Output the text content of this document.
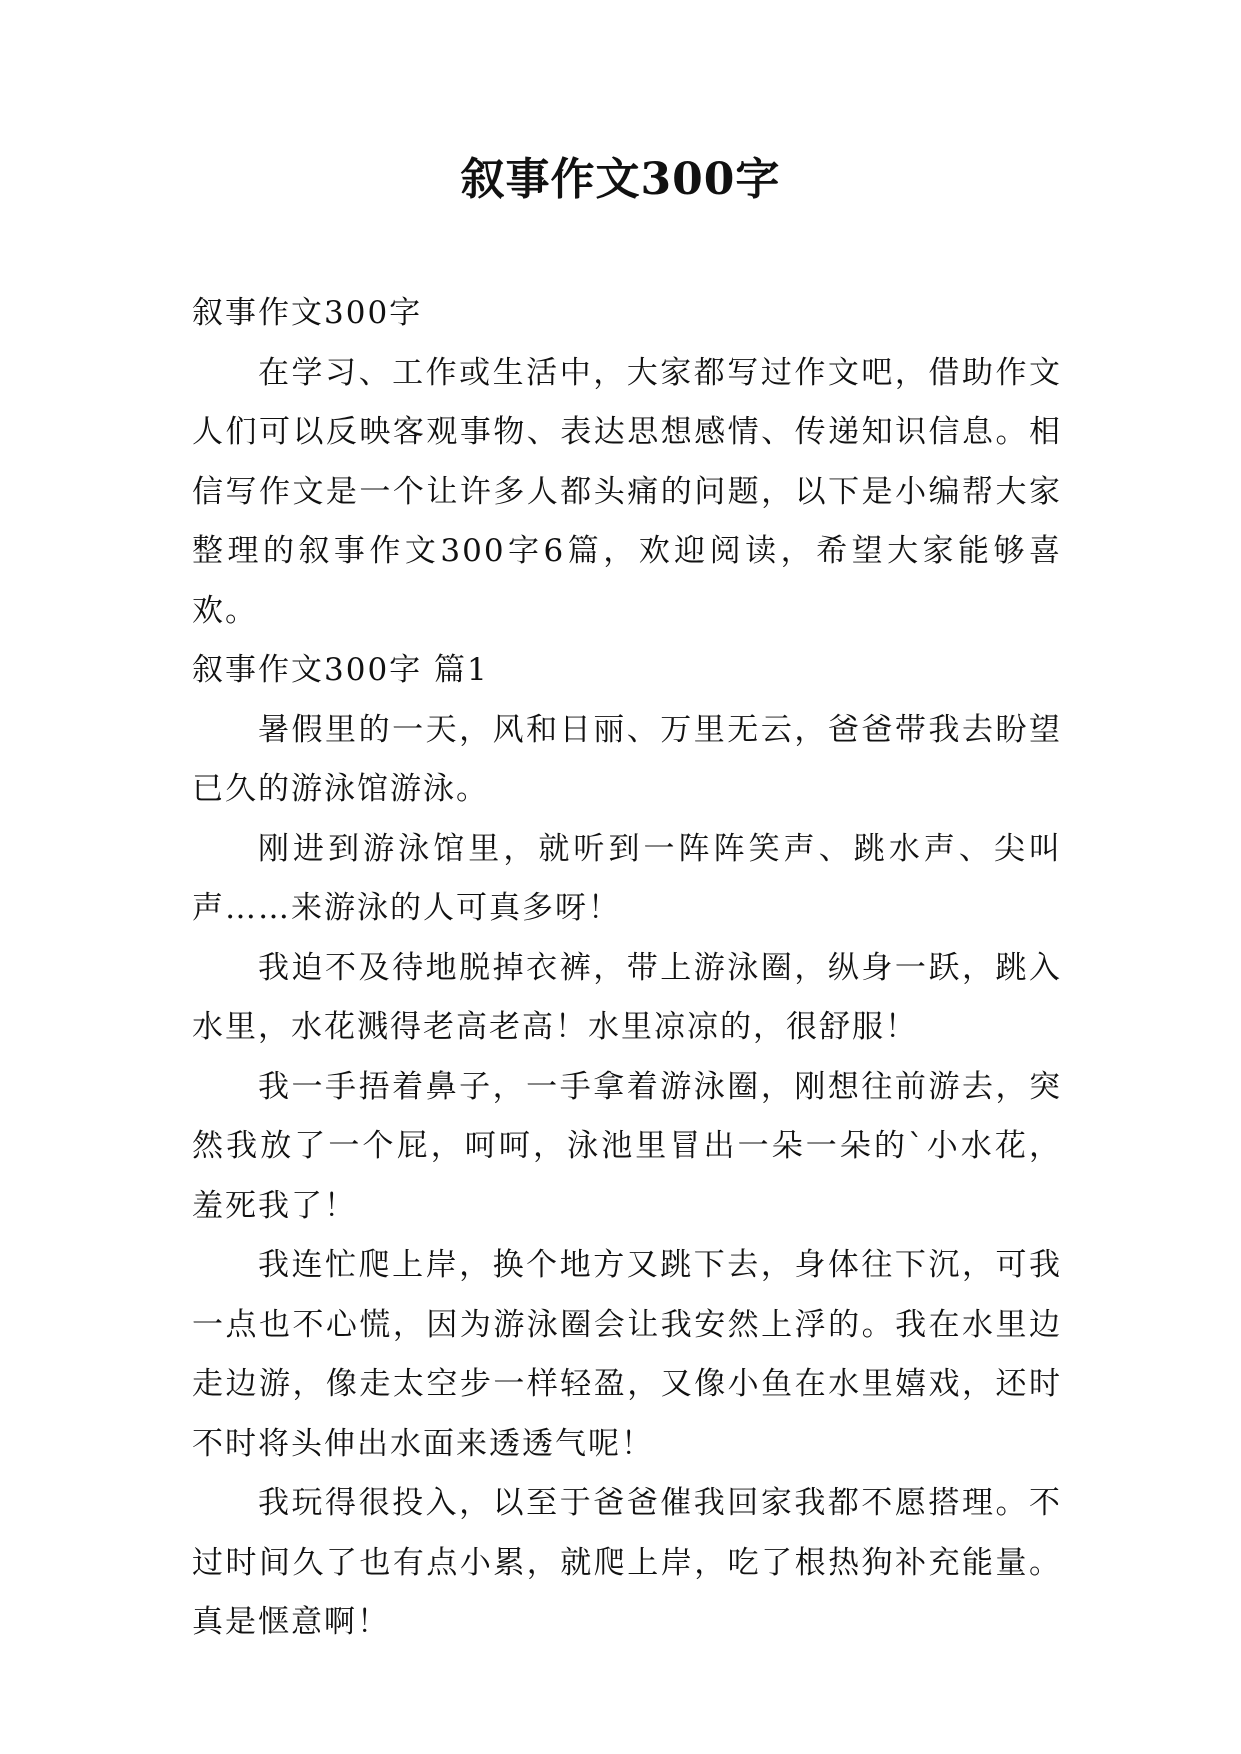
叙事作文300字

叙事作文300字

在学习、工作或生活中，大家都写过作文吧，借助作文人们可以反映客观事物、表达思想感情、传递知识信息。相信写作文是一个让许多人都头痛的问题，以下是小编帮大家整理的叙事作文300字6篇，欢迎阅读，希望大家能够喜欢。

叙事作文300字 篇1

暑假里的一天，风和日丽、万里无云，爸爸带我去盼望已久的游泳馆游泳。

刚进到游泳馆里，就听到一阵阵笑声、跳水声、尖叫声……来游泳的人可真多呀！

我迫不及待地脱掉衣裤，带上游泳圈，纵身一跃，跳入水里，水花溅得老高老高！水里凉凉的，很舒服！

我一手捂着鼻子，一手拿着游泳圈，刚想往前游去，突然我放了一个屁，呵呵，泳池里冒出一朵一朵的`小水花，羞死我了！

我连忙爬上岸，换个地方又跳下去，身体往下沉，可我一点也不心慌，因为游泳圈会让我安然上浮的。我在水里边走边游，像走太空步一样轻盈，又像小鱼在水里嬉戏，还时不时将头伸出水面来透透气呢！

我玩得很投入，以至于爸爸催我回家我都不愿搭理。不过时间久了也有点小累，就爬上岸，吃了根热狗补充能量。真是惬意啊！
